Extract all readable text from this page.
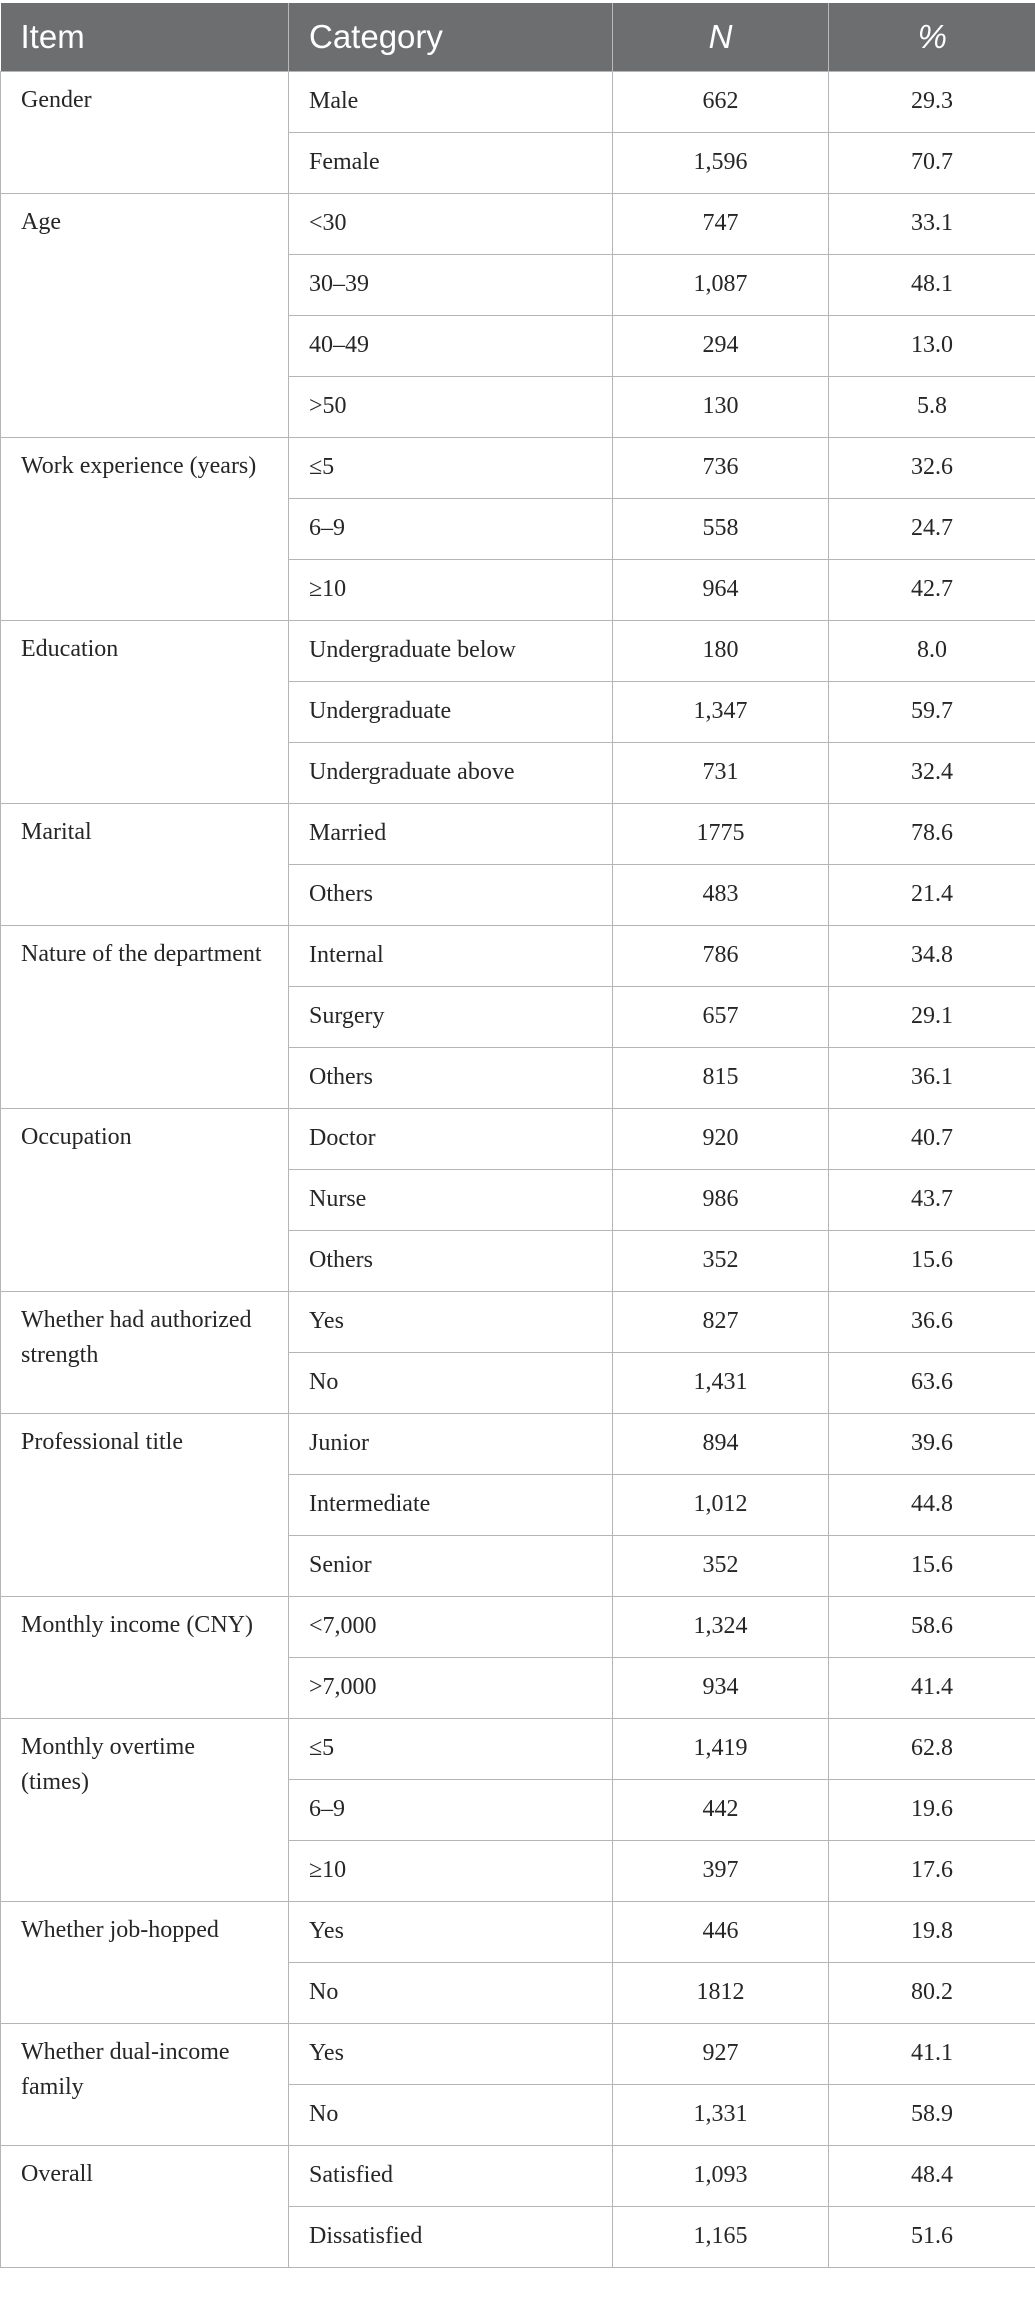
Item	Category	N	%
Gender	Male	662	29.3
	Female	1,596	70.7
Age	<30	747	33.1
	30–39	1,087	48.1
	40–49	294	13.0
	>50	130	5.8
Work experience (years)	≤5	736	32.6
	6–9	558	24.7
	≥10	964	42.7
Education	Undergraduate below	180	8.0
	Undergraduate	1,347	59.7
	Undergraduate above	731	32.4
Marital	Married	1775	78.6
	Others	483	21.4
Nature of the department	Internal	786	34.8
	Surgery	657	29.1
	Others	815	36.1
Occupation	Doctor	920	40.7
	Nurse	986	43.7
	Others	352	15.6
Whether had authorized strength	Yes	827	36.6
	No	1,431	63.6
Professional title	Junior	894	39.6
	Intermediate	1,012	44.8
	Senior	352	15.6
Monthly income (CNY)	<7,000	1,324	58.6
	>7,000	934	41.4
Monthly overtime (times)	≤5	1,419	62.8
	6–9	442	19.6
	≥10	397	17.6
Whether job-hopped	Yes	446	19.8
	No	1812	80.2
Whether dual-income family	Yes	927	41.1
	No	1,331	58.9
Overall	Satisfied	1,093	48.4
	Dissatisfied	1,165	51.6
